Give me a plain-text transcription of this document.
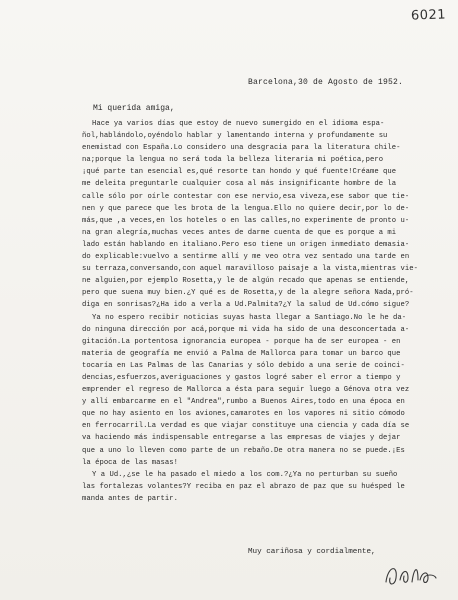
6021
Barcelona,30 de Agosto de 1952.
Mi querida amiga,
Hace ya varios días que estoy de nuevo sumergido en el idioma espa-
ñol,hablándolo,oyéndolo hablar y lamentando interna y profundamente su
enemistad con España.Lo considero una desgracia para la literatura chile-
na;porque la lengua no será toda la belleza literaria mi poética,pero
¡qué parte tan esencial es,qué resorte tan hondo y qué fuente!Créame que
me deleita preguntarle cualquier cosa al más insignificante hombre de la
calle sólo por oírle contestar con ese nervio,esa viveza,ese sabor que tie-
nen y que parece que les brota de la lengua.Ello no quiere decir,por lo de-
más,que ,a veces,en los hoteles o en las calles,no experimente de pronto u-
na gran alegría,muchas veces antes de darme cuenta de que es porque a mi
lado están hablando en italiano.Pero eso tiene un origen inmediato demasia-
do explicable:vuelvo a sentirme allí y me veo otra vez sentado una tarde en
su terraza,conversando,con aquel maravilloso paisaje a la vista,mientras vie-
ne alguien,por ejemplo Rosetta,y le de algún recado que apenas se entiende,
pero que suena muy bien.¿Y qué es de Rosetta,y de la alegre señora Nada,pró-
diga en sonrisas?¿Ha ido a verla a Ud.Palmita?¿Y la salud de Ud.cómo sigue?
Ya no espero recibir noticias suyas hasta llegar a Santiago.No le he da-
do ninguna dirección por acá,porque mi vida ha sido de una desconcertada a-
gitación.La portentosa ignorancia europea - porque ha de ser europea - en
materia de geografía me envió a Palma de Mallorca para tomar un barco que
tocaría en Las Palmas de las Canarias y sólo debido a una serie de coinci-
dencias,esfuerzos,averiguaciones y gastos logré saber el error a tiempo y
emprender el regreso de Mallorca a ésta para seguir luego a Génova otra vez
y allí embarcarme en el "Andrea",rumbo a Buenos Aires,todo en una época en
que no hay asiento en los aviones,camarotes en los vapores ni sitio cómodo
en ferrocarril.La verdad es que viajar constituye una ciencia y cada día se
va haciendo más indispensable entregarse a las empresas de viajes y dejar
que a uno lo lleven como parte de un rebaño.De otra manera no se puede.¡Es
la época de las masas!
Y a Ud.,¿se le ha pasado el miedo a los com.?¿Ya no perturban su sueño
las fortalezas volantes?Y reciba en paz el abrazo de paz que su huésped le
manda antes de partir.
Muy cariñosa y cordialmente,
